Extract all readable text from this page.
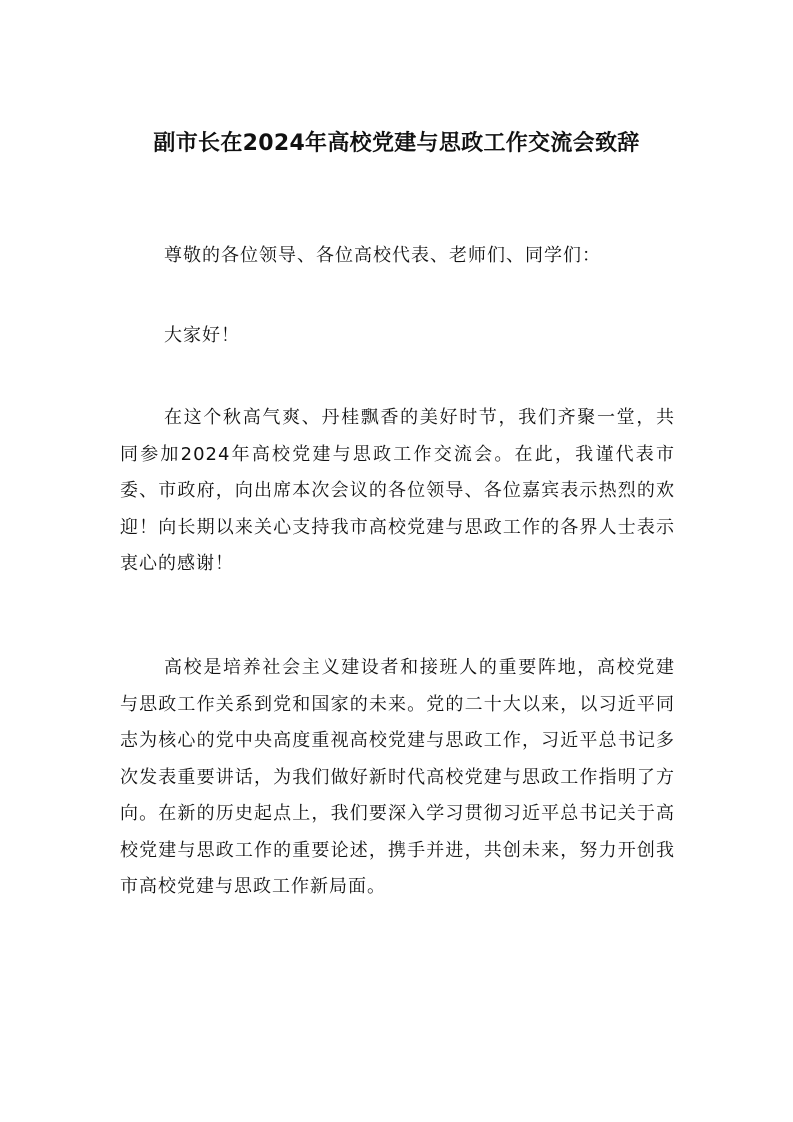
副市长在2024年高校党建与思政工作交流会致辞

尊敬的各位领导、各位高校代表、老师们、同学们：

大家好！

在这个秋高气爽、丹桂飘香的美好时节，我们齐聚一堂，共同参加2024年高校党建与思政工作交流会。在此，我谨代表市委、市政府，向出席本次会议的各位领导、各位嘉宾表示热烈的欢迎！向长期以来关心支持我市高校党建与思政工作的各界人士表示衷心的感谢！

高校是培养社会主义建设者和接班人的重要阵地，高校党建与思政工作关系到党和国家的未来。党的二十大以来，以习近平同志为核心的党中央高度重视高校党建与思政工作，习近平总书记多次发表重要讲话，为我们做好新时代高校党建与思政工作指明了方向。在新的历史起点上，我们要深入学习贯彻习近平总书记关于高校党建与思政工作的重要论述，携手并进，共创未来，努力开创我市高校党建与思政工作新局面。
